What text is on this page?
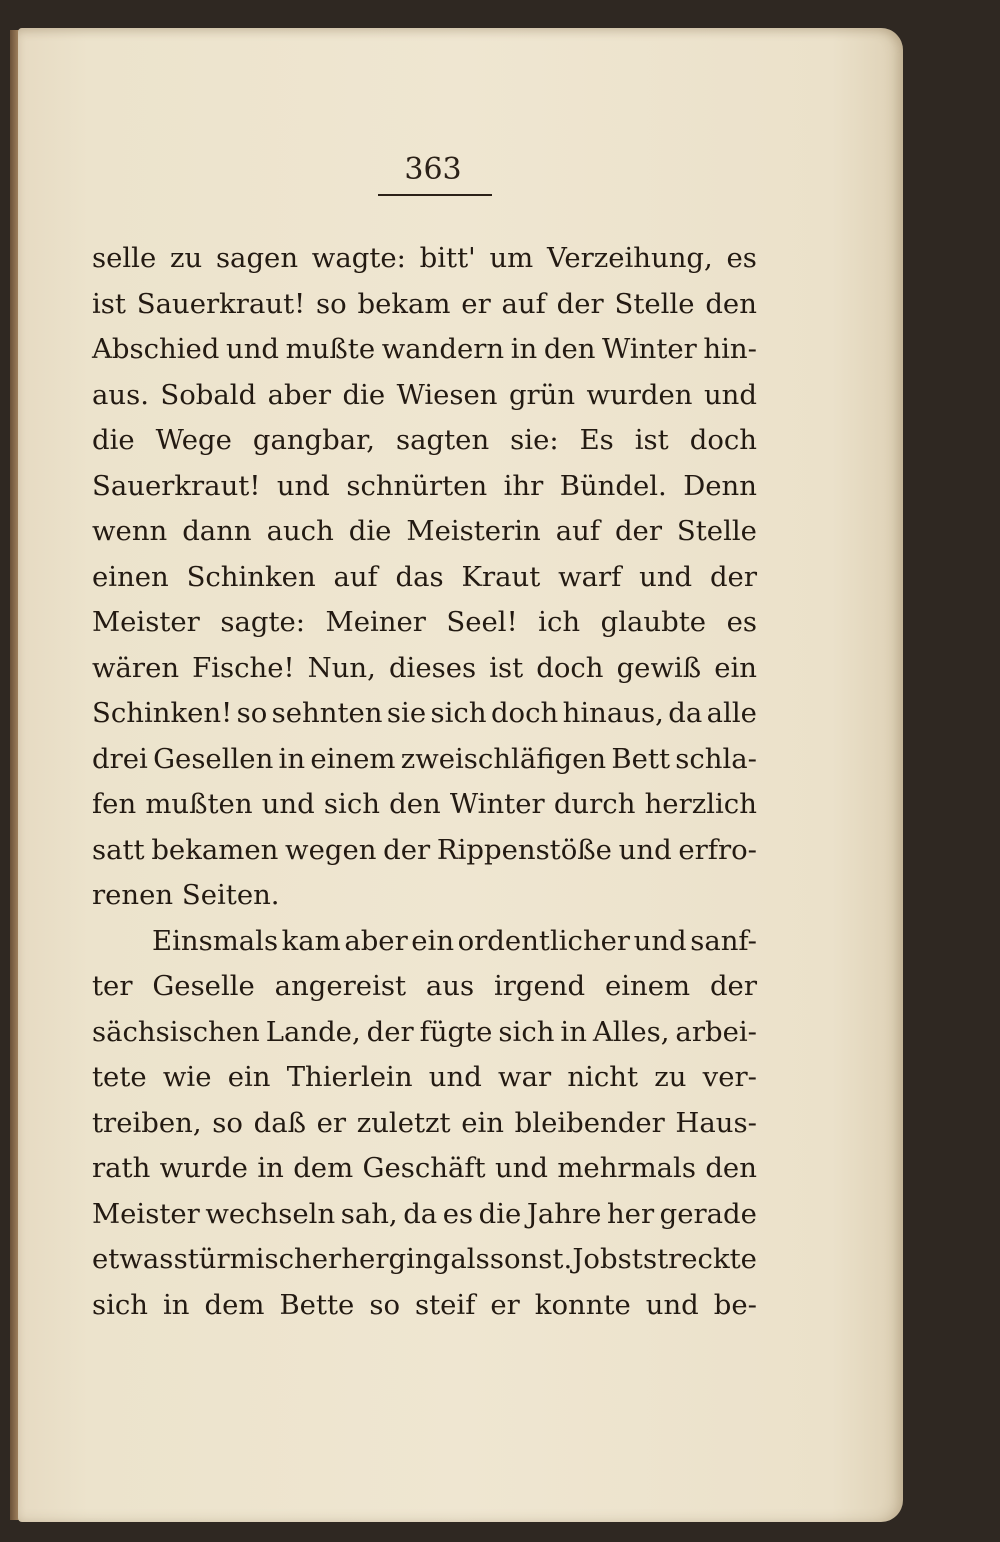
363
selle zu sagen wagte: bitt' um Verzeihung, es
ist Sauerkraut! so bekam er auf der Stelle den
Abschied und mußte wandern in den Winter hin-
aus. Sobald aber die Wiesen grün wurden und
die Wege gangbar, sagten sie: Es ist doch
Sauerkraut! und schnürten ihr Bündel. Denn
wenn dann auch die Meisterin auf der Stelle
einen Schinken auf das Kraut warf und der
Meister sagte: Meiner Seel! ich glaubte es
wären Fische! Nun, dieses ist doch gewiß ein
Schinken! so sehnten sie sich doch hinaus, da alle
drei Gesellen in einem zweischläfigen Bett schla-
fen mußten und sich den Winter durch herzlich
satt bekamen wegen der Rippenstöße und erfro-
renen Seiten.
Einsmals kam aber ein ordentlicher und sanf-
ter Geselle angereist aus irgend einem der
sächsischen Lande, der fügte sich in Alles, arbei-
tete wie ein Thierlein und war nicht zu ver-
treiben, so daß er zuletzt ein bleibender Haus-
rath wurde in dem Geschäft und mehrmals den
Meister wechseln sah, da es die Jahre her gerade
etwas stürmischer herging als sonst. Jobst streckte
sich in dem Bette so steif er konnte und be-
